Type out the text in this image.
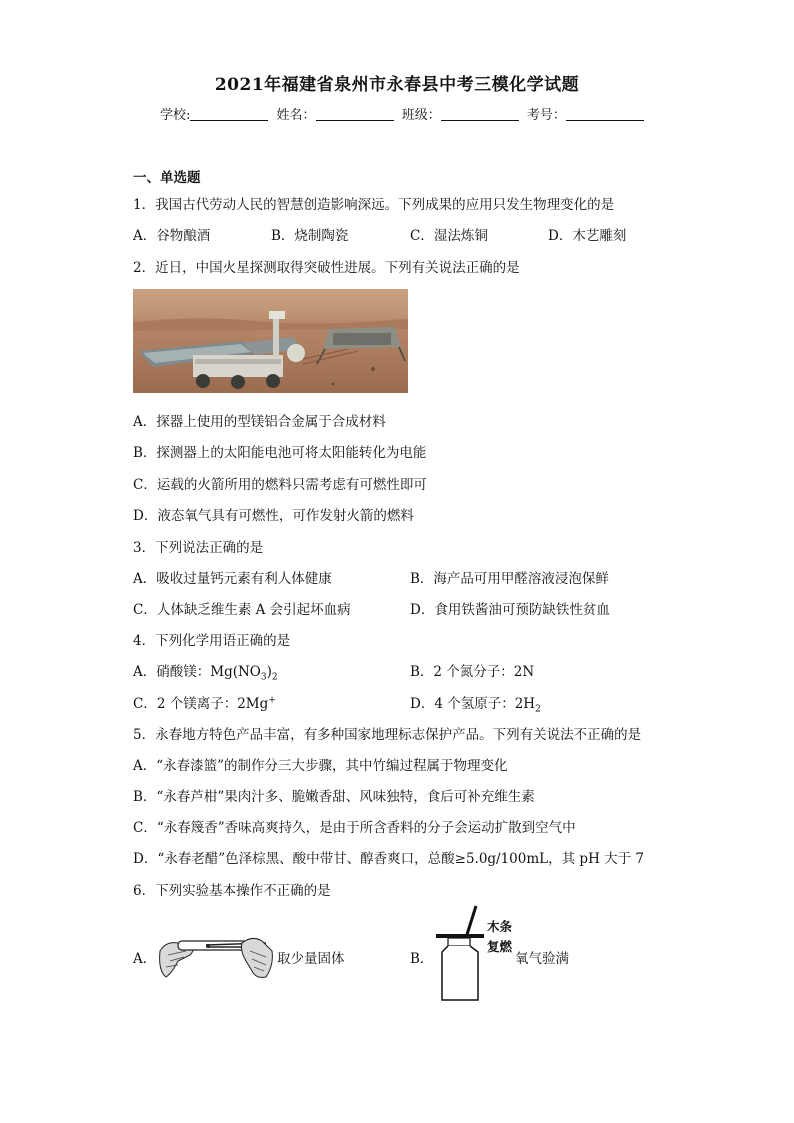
2021年福建省泉州市永春县中考三模化学试题
学校:	姓名：	班级：	考号：
一、单选题
1．我国古代劳动人民的智慧创造影响深远。下列成果的应用只发生物理变化的是
A．谷物酿酒	B．烧制陶瓷	C．湿法炼铜	D．木艺雕刻
2．近日，中国火星探测取得突破性进展。下列有关说法正确的是
A．探器上使用的型镁铝合金属于合成材料
B．探测器上的太阳能电池可将太阳能转化为电能
C．运载的火箭所用的燃料只需考虑有可燃性即可
D．液态氧气具有可燃性，可作发射火箭的燃料
3．下列说法正确的是
A．吸收过量钙元素有利人体健康	B．海产品可用甲醛溶液浸泡保鲜
C．人体缺乏维生素 A 会引起坏血病	D．食用铁酱油可预防缺铁性贫血
4．下列化学用语正确的是
A．硝酸镁：$Mg(NO_3)_2$	B．2 个氮分子：2N
C．2 个镁离子：2Mg+	D．4 个氢原子：$2H_2$
5．永春地方特色产品丰富，有多种国家地理标志保护产品。下列有关说法不正确的是
A．“永春漆篮”的制作分三大步骤，其中竹编过程属于物理变化
B．“永春芦柑”果肉汁多、脆嫩香甜、风味独特，食后可补充维生素
C．“永春篾香”香味高爽持久，是由于所含香料的分子会运动扩散到空气中
D．“永春老醋”色泽棕黑、酸中带甘、醇香爽口，总酸≥5.0g/100mL，其 pH 大于 7
6．下列实验基本操作不正确的是
A．	取少量固体	B．
木条
复燃
氧气验满
